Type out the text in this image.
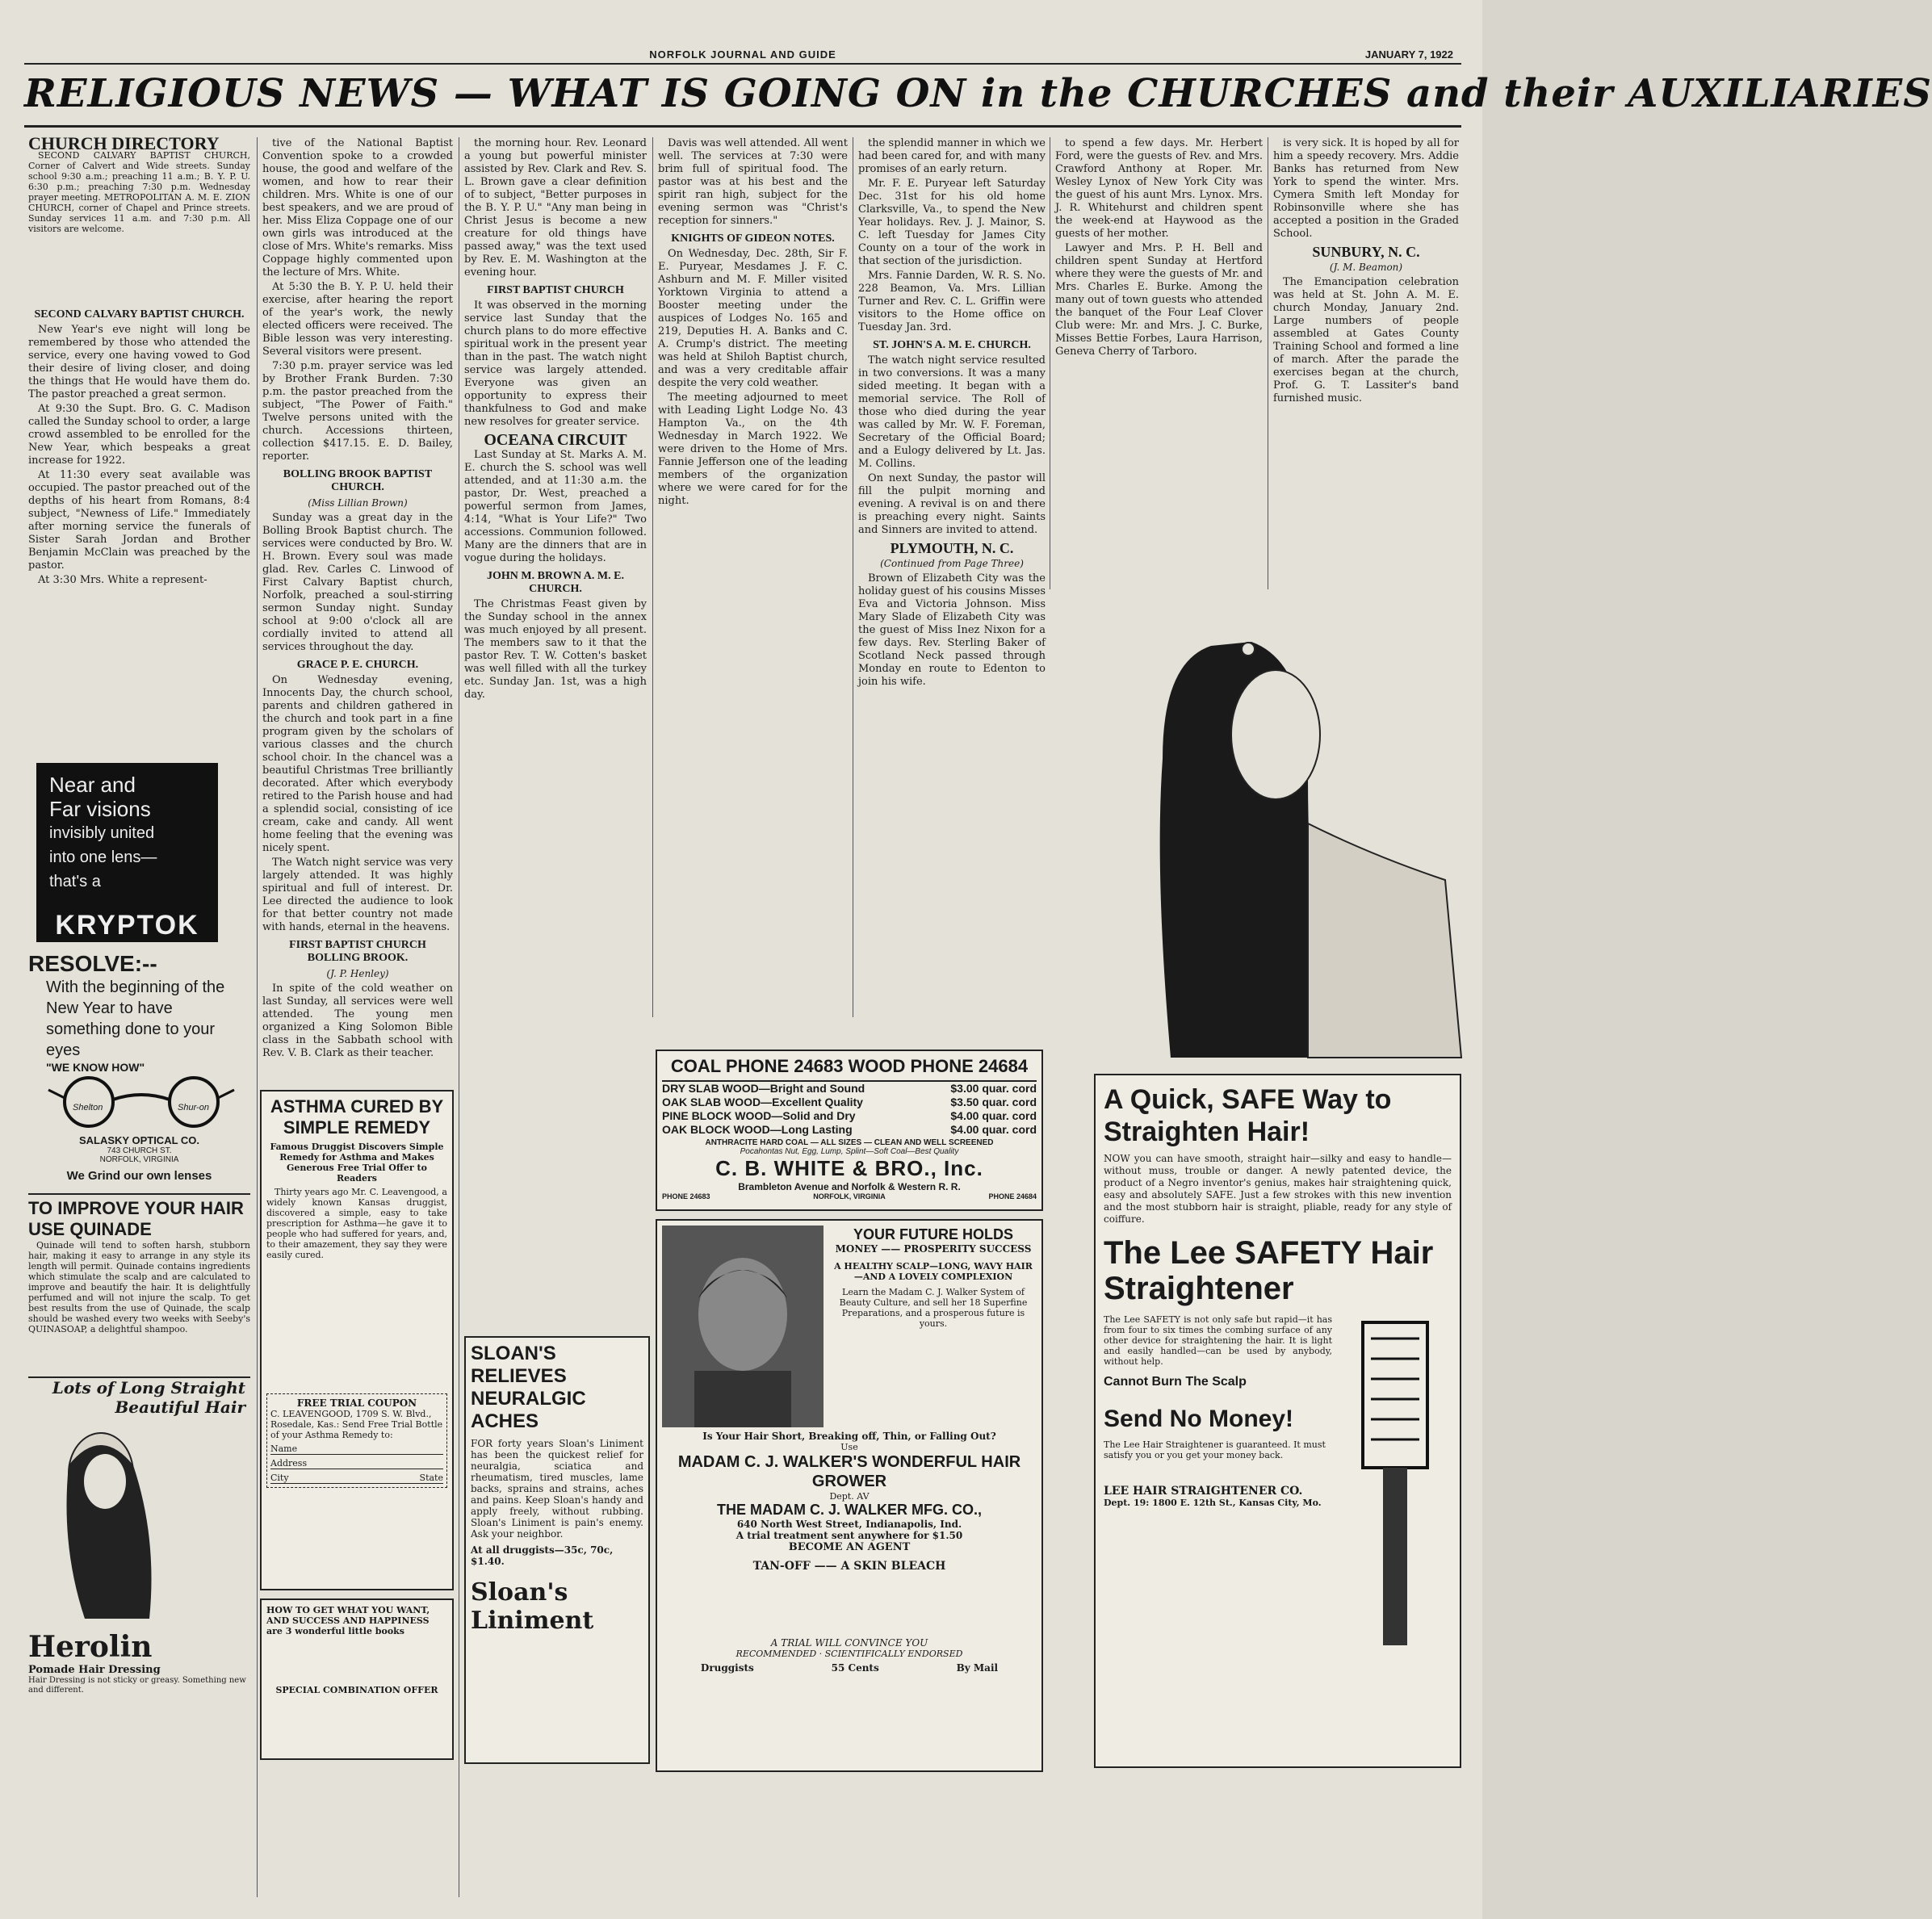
NORFOLK JOURNAL AND GUIDE	JANUARY 7, 1922
RELIGIOUS NEWS — WHAT IS GOING ON in the CHURCHES and their AUXILIARIES
CHURCH DIRECTORY

SECOND CALVARY BAPTIST CHURCH, Corner of Calvert and Wide streets. Sunday school 9:30 a.m.; preaching 11 a.m.; B. Y. P. U. 6:30 p.m.; preaching 7:30 p.m. Wednesday prayer meeting. METROPOLITAN A. M. E. ZION CHURCH, corner of Chapel and Prince streets. Sunday services 11 a.m. and 7:30 p.m. All visitors are welcome.

SECOND CALVARY BAPTIST CHURCH.

New Year's eve night will long be remembered by those who attended the service, every one having vowed to God their desire of living closer, and doing the things that He would have them do. The pastor preached a great sermon.

At 9:30 the Supt. Bro. G. C. Madison called the Sunday school to order, a large crowd assembled to be enrolled for the New Year, which bespeaks a great increase for 1922.

At 11:30 every seat available was occupied. The pastor preached out of the depths of his heart from Romans, 8:4 subject, "Newness of Life." Immediately after morning service the funerals of Sister Sarah Jordan and Brother Benjamin McClain was preached by the pastor.

At 3:30 Mrs. White a represent-

Near and
Far visions
invisibly united
into one lens—
that's a
KRYPTOK
RESOLVE:--
With the beginning of the New Year to have something done to your eyes
"WE KNOW HOW"
Shelton	Shur-on
SALASKY OPTICAL CO.
743 CHURCH ST.
NORFOLK, VIRGINIA
We Grind our own lenses
TO IMPROVE YOUR HAIR USE QUINADE

Quinade will tend to soften harsh, stubborn hair, making it easy to arrange in any style its length will permit. Quinade contains ingredients which stimulate the scalp and are calculated to improve and beautify the hair. It is delightfully perfumed and will not injure the scalp. To get best results from the use of Quinade, the scalp should be washed every two weeks with Seeby's QUINASOAP, a delightful shampoo.

Lots of Long Straight Beautiful Hair
Herolin
Pomade Hair Dressing

Hair Dressing is not sticky or greasy. Something new and different.

tive of the National Baptist Convention spoke to a crowded house, the good and welfare of the women, and how to rear their children. Mrs. White is one of our best speakers, and we are proud of her. Miss Eliza Coppage one of our own girls was introduced at the close of Mrs. White's remarks. Miss Coppage highly commented upon the lecture of Mrs. White.

At 5:30 the B. Y. P. U. held their exercise, after hearing the report of the year's work, the newly elected officers were received. The Bible lesson was very interesting. Several visitors were present.

7:30 p.m. prayer service was led by Brother Frank Burden. 7:30 p.m. the pastor preached from the subject, "The Power of Faith." Twelve persons united with the church. Accessions thirteen, collection $417.15. E. D. Bailey, reporter.

BOLLING BROOK BAPTIST CHURCH.
(Miss Lillian Brown)

Sunday was a great day in the Bolling Brook Baptist church. The services were conducted by Bro. W. H. Brown. Every soul was made glad. Rev. Carles C. Linwood of First Calvary Baptist church, Norfolk, preached a soul-stirring sermon Sunday night. Sunday school at 9:00 o'clock all are cordially invited to attend all services throughout the day.

GRACE P. E. CHURCH.

On Wednesday evening, Innocents Day, the church school, parents and children gathered in the church and took part in a fine program given by the scholars of various classes and the church school choir. In the chancel was a beautiful Christmas Tree brilliantly decorated. After which everybody retired to the Parish house and had a splendid social, consisting of ice cream, cake and candy. All went home feeling that the evening was nicely spent.

The Watch night service was very largely attended. It was highly spiritual and full of interest. Dr. Lee directed the audience to look for that better country not made with hands, eternal in the heavens.

FIRST BAPTIST CHURCH BOLLING BROOK.
(J. P. Henley)

In spite of the cold weather on last Sunday, all services were well attended. The young men organized a King Solomon Bible class in the Sabbath school with Rev. V. B. Clark as their teacher.

ASTHMA CURED BY SIMPLE REMEDY
Famous Druggist Discovers Simple Remedy for Asthma and Makes Generous Free Trial Offer to Readers

Thirty years ago Mr. C. Leavengood, a widely known Kansas druggist, discovered a simple, easy to take prescription for Asthma—he gave it to people who had suffered for years, and, to their amazement, they say they were easily cured.

FREE TRIAL COUPON

C. LEAVENGOOD, 1709 S. W. Blvd., Rosedale, Kas.: Send Free Trial Bottle of your Asthma Remedy to:

Name
Address
City	State
HOW TO GET WHAT YOU WANT, AND SUCCESS AND HAPPINESS are 3 wonderful little books
SPECIAL COMBINATION OFFER

the morning hour. Rev. Leonard a young but powerful minister assisted by Rev. Clark and Rev. S. L. Brown gave a clear definition of to subject, "Better purposes in the B. Y. P. U." "Any man being in Christ Jesus is become a new creature for old things have passed away," was the text used by Rev. E. M. Washington at the evening hour.

FIRST BAPTIST CHURCH

It was observed in the morning service last Sunday that the church plans to do more effective spiritual work in the present year than in the past. The watch night service was largely attended. Everyone was given an opportunity to express their thankfulness to God and make new resolves for greater service.

OCEANA CIRCUIT

Last Sunday at St. Marks A. M. E. church the S. school was well attended, and at 11:30 a.m. the pastor, Dr. West, preached a powerful sermon from James, 4:14, "What is Your Life?" Two accessions. Communion followed. Many are the dinners that are in vogue during the holidays.

JOHN M. BROWN A. M. E. CHURCH.

The Christmas Feast given by the Sunday school in the annex was much enjoyed by all present. The members saw to it that the pastor Rev. T. W. Cotten's basket was well filled with all the turkey etc. Sunday Jan. 1st, was a high day.

SLOAN'S RELIEVES NEURALGIC ACHES

FOR forty years Sloan's Liniment has been the quickest relief for neuralgia, sciatica and rheumatism, tired muscles, lame backs, sprains and strains, aches and pains. Keep Sloan's handy and apply freely, without rubbing. Sloan's Liniment is pain's enemy. Ask your neighbor.

At all druggists—35c, 70c, $1.40.
Sloan's Liniment

Davis was well attended. All went well. The services at 7:30 were brim full of spiritual food. The pastor was at his best and the spirit ran high, subject for the evening sermon was "Christ's reception for sinners."

KNIGHTS OF GIDEON NOTES.

On Wednesday, Dec. 28th, Sir F. E. Puryear, Mesdames J. F. C. Ashburn and M. F. Miller visited Yorktown Virginia to attend a Booster meeting under the auspices of Lodges No. 165 and 219, Deputies H. A. Banks and C. A. Crump's district. The meeting was held at Shiloh Baptist church, and was a very creditable affair despite the very cold weather.

The meeting adjourned to meet with Leading Light Lodge No. 43 Hampton Va., on the 4th Wednesday in March 1922. We were driven to the Home of Mrs. Fannie Jefferson one of the leading members of the organization where we were cared for for the night.

the splendid manner in which we had been cared for, and with many promises of an early return.

Mr. F. E. Puryear left Saturday Dec. 31st for his old home Clarksville, Va., to spend the New Year holidays. Rev. J. J. Mainor, S. C. left Tuesday for James City County on a tour of the work in that section of the jurisdiction.

Mrs. Fannie Darden, W. R. S. No. 228 Beamon, Va. Mrs. Lillian Turner and Rev. C. L. Griffin were visitors to the Home office on Tuesday Jan. 3rd.

ST. JOHN'S A. M. E. CHURCH.

The watch night service resulted in two conversions. It was a many sided meeting. It began with a memorial service. The Roll of those who died during the year was called by Mr. W. F. Foreman, Secretary of the Official Board; and a Eulogy delivered by Lt. Jas. M. Collins.

On next Sunday, the pastor will fill the pulpit morning and evening. A revival is on and there is preaching every night. Saints and Sinners are invited to attend.

PLYMOUTH, N. C.
(Continued from Page Three)

Brown of Elizabeth City was the holiday guest of his cousins Misses Eva and Victoria Johnson. Miss Mary Slade of Elizabeth City was the guest of Miss Inez Nixon for a few days. Rev. Sterling Baker of Scotland Neck passed through Monday en route to Edenton to join his wife.

to spend a few days. Mr. Herbert Ford, were the guests of Rev. and Mrs. Crawford Anthony at Roper. Mr. Wesley Lynox of New York City was the guest of his aunt Mrs. Lynox. Mrs. J. R. Whitehurst and children spent the week-end at Haywood as the guests of her mother.

Lawyer and Mrs. P. H. Bell and children spent Sunday at Hertford where they were the guests of Mr. and Mrs. Charles E. Burke. Among the many out of town guests who attended the banquet of the Four Leaf Clover Club were: Mr. and Mrs. J. C. Burke, Misses Bettie Forbes, Laura Harrison, Geneva Cherry of Tarboro.

is very sick. It is hoped by all for him a speedy recovery. Mrs. Addie Banks has returned from New York to spend the winter. Mrs. Cymera Smith left Monday for Robinsonville where she has accepted a position in the Graded School.

SUNBURY, N. C.
(J. M. Beamon)

The Emancipation celebration was held at St. John A. M. E. church Monday, January 2nd. Large numbers of people assembled at Gates County Training School and formed a line of march. After the parade the exercises began at the church, Prof. G. T. Lassiter's band furnished music.

COAL PHONE 24683 WOOD PHONE 24684
DRY SLAB WOOD—Bright and Sound	$3.00 quar. cord
OAK SLAB WOOD—Excellent Quality	$3.50 quar. cord
PINE BLOCK WOOD—Solid and Dry	$4.00 quar. cord
OAK BLOCK WOOD—Long Lasting	$4.00 quar. cord
ANTHRACITE HARD COAL — ALL SIZES — CLEAN AND WELL SCREENED
Pocahontas Nut, Egg, Lump, Splint—Soft Coal—Best Quality
C. B. WHITE & BRO., Inc.
Brambleton Avenue and Norfolk & Western R. R.
PHONE 24683	NORFOLK, VIRGINIA	PHONE 24684
YOUR FUTURE HOLDS
MONEY —— PROSPERITY SUCCESS
A HEALTHY SCALP—LONG, WAVY HAIR—AND A LOVELY COMPLEXION

Learn the Madam C. J. Walker System of Beauty Culture, and sell her 18 Superfine Preparations, and a prosperous future is yours.

Is Your Hair Short, Breaking off, Thin, or Falling Out?
Use
MADAM C. J. WALKER'S WONDERFUL HAIR GROWER
Dept. AV
THE MADAM C. J. WALKER MFG. CO.,
640 North West Street, Indianapolis, Ind.
A trial treatment sent anywhere for $1.50
BECOME AN AGENT
TAN-OFF —— A SKIN BLEACH
A TRIAL WILL CONVINCE YOU
RECOMMENDED · SCIENTIFICALLY ENDORSED
Druggists	55 Cents	By Mail
A Quick, SAFE Way to Straighten Hair!

NOW you can have smooth, straight hair—silky and easy to handle—without muss, trouble or danger. A newly patented device, the product of a Negro inventor's genius, makes hair straightening quick, easy and absolutely SAFE. Just a few strokes with this new invention and the most stubborn hair is straight, pliable, ready for any style of coiffure.

The Lee SAFETY Hair Straightener

The Lee SAFETY is not only safe but rapid—it has from four to six times the combing surface of any other device for straightening the hair. It is light and easily handled—can be used by anybody, without help.

Cannot Burn The Scalp
Send No Money!

The Lee Hair Straightener is guaranteed. It must satisfy you or you get your money back.

LEE HAIR STRAIGHTENER CO.
Dept. 19: 1800 E. 12th St., Kansas City, Mo.
